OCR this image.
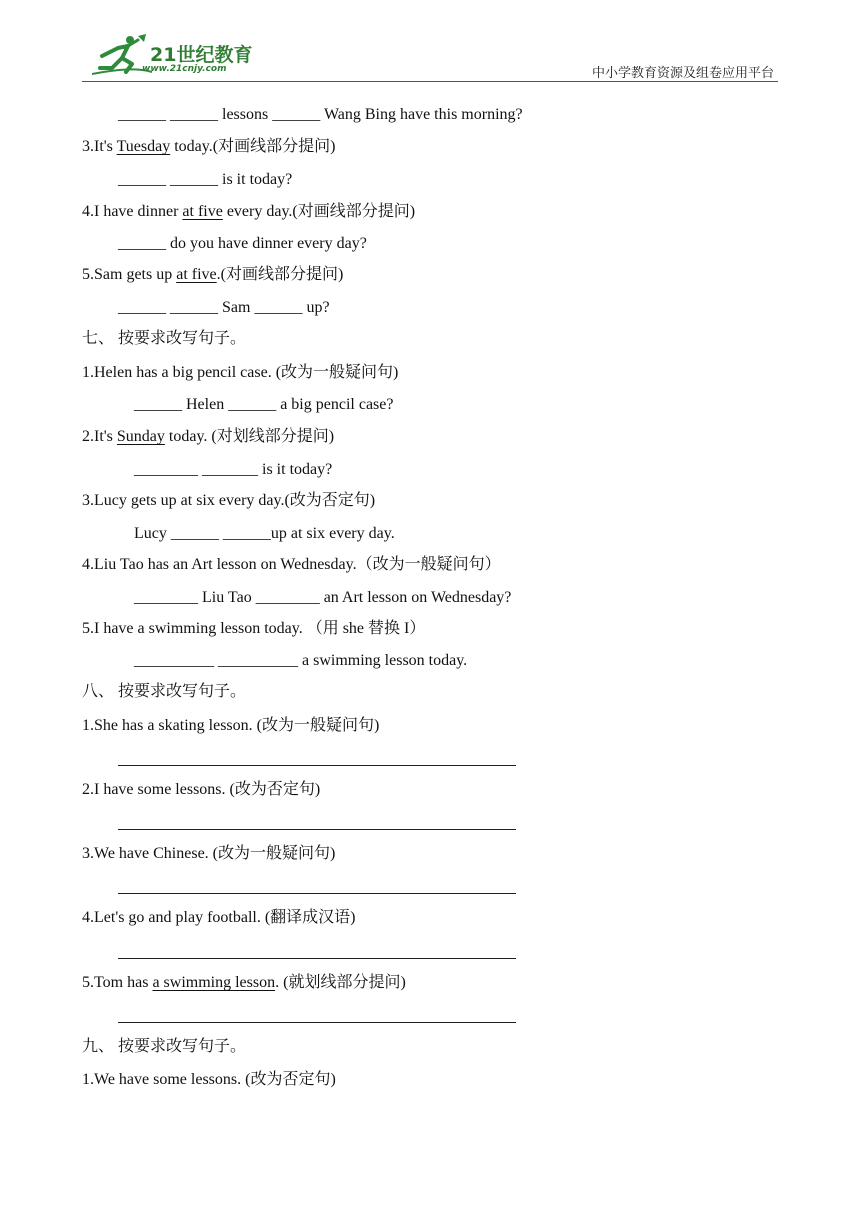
21世纪教育
www.21cnjy.com	中小学教育资源及组卷应用平台
______ ______ lessons ______ Wang Bing have this morning?
3.It's Tuesday today.(对画线部分提问)
______ ______ is it today?
4.I have dinner at five every day.(对画线部分提问)
______ do you have dinner every day?
5.Sam gets up at five.(对画线部分提问)
______ ______ Sam ______ up?
七、 按要求改写句子。
1.Helen has a big pencil case. (改为一般疑问句)
______ Helen ______ a big pencil case?
2.It's Sunday today. (对划线部分提问)
________ _______ is it today?
3.Lucy gets up at six every day.(改为否定句)
Lucy ______ ______up at six every day.
4.Liu Tao has an Art lesson on Wednesday.（改为一般疑问句）
________ Liu Tao ________ an Art lesson on Wednesday?
5.I have a swimming lesson today. （用 she 替换 I）
__________ __________ a swimming lesson today.
八、 按要求改写句子。
1.She has a skating lesson. (改为一般疑问句)
2.I have some lessons. (改为否定句)
3.We have Chinese. (改为一般疑问句)
4.Let's go and play football. (翻译成汉语)
5.Tom has a swimming lesson. (就划线部分提问)
九、 按要求改写句子。
1.We have some lessons. (改为否定句)
